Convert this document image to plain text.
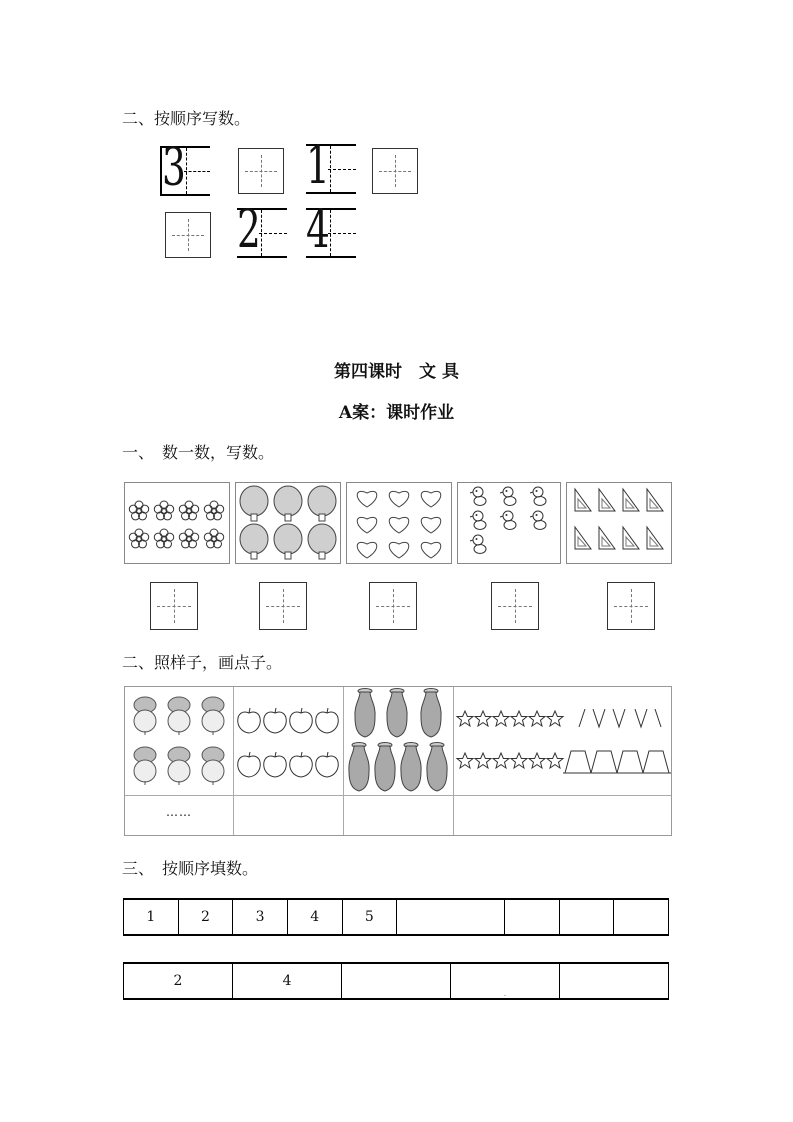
二、按顺序写数。
3 1
2 4
第四课时　文 具
A案：课时作业
一、　数一数，写数。
二、照样子，画点子。
……
三、　按顺序填数。
1	2	3	4	5				
2	4		.	
